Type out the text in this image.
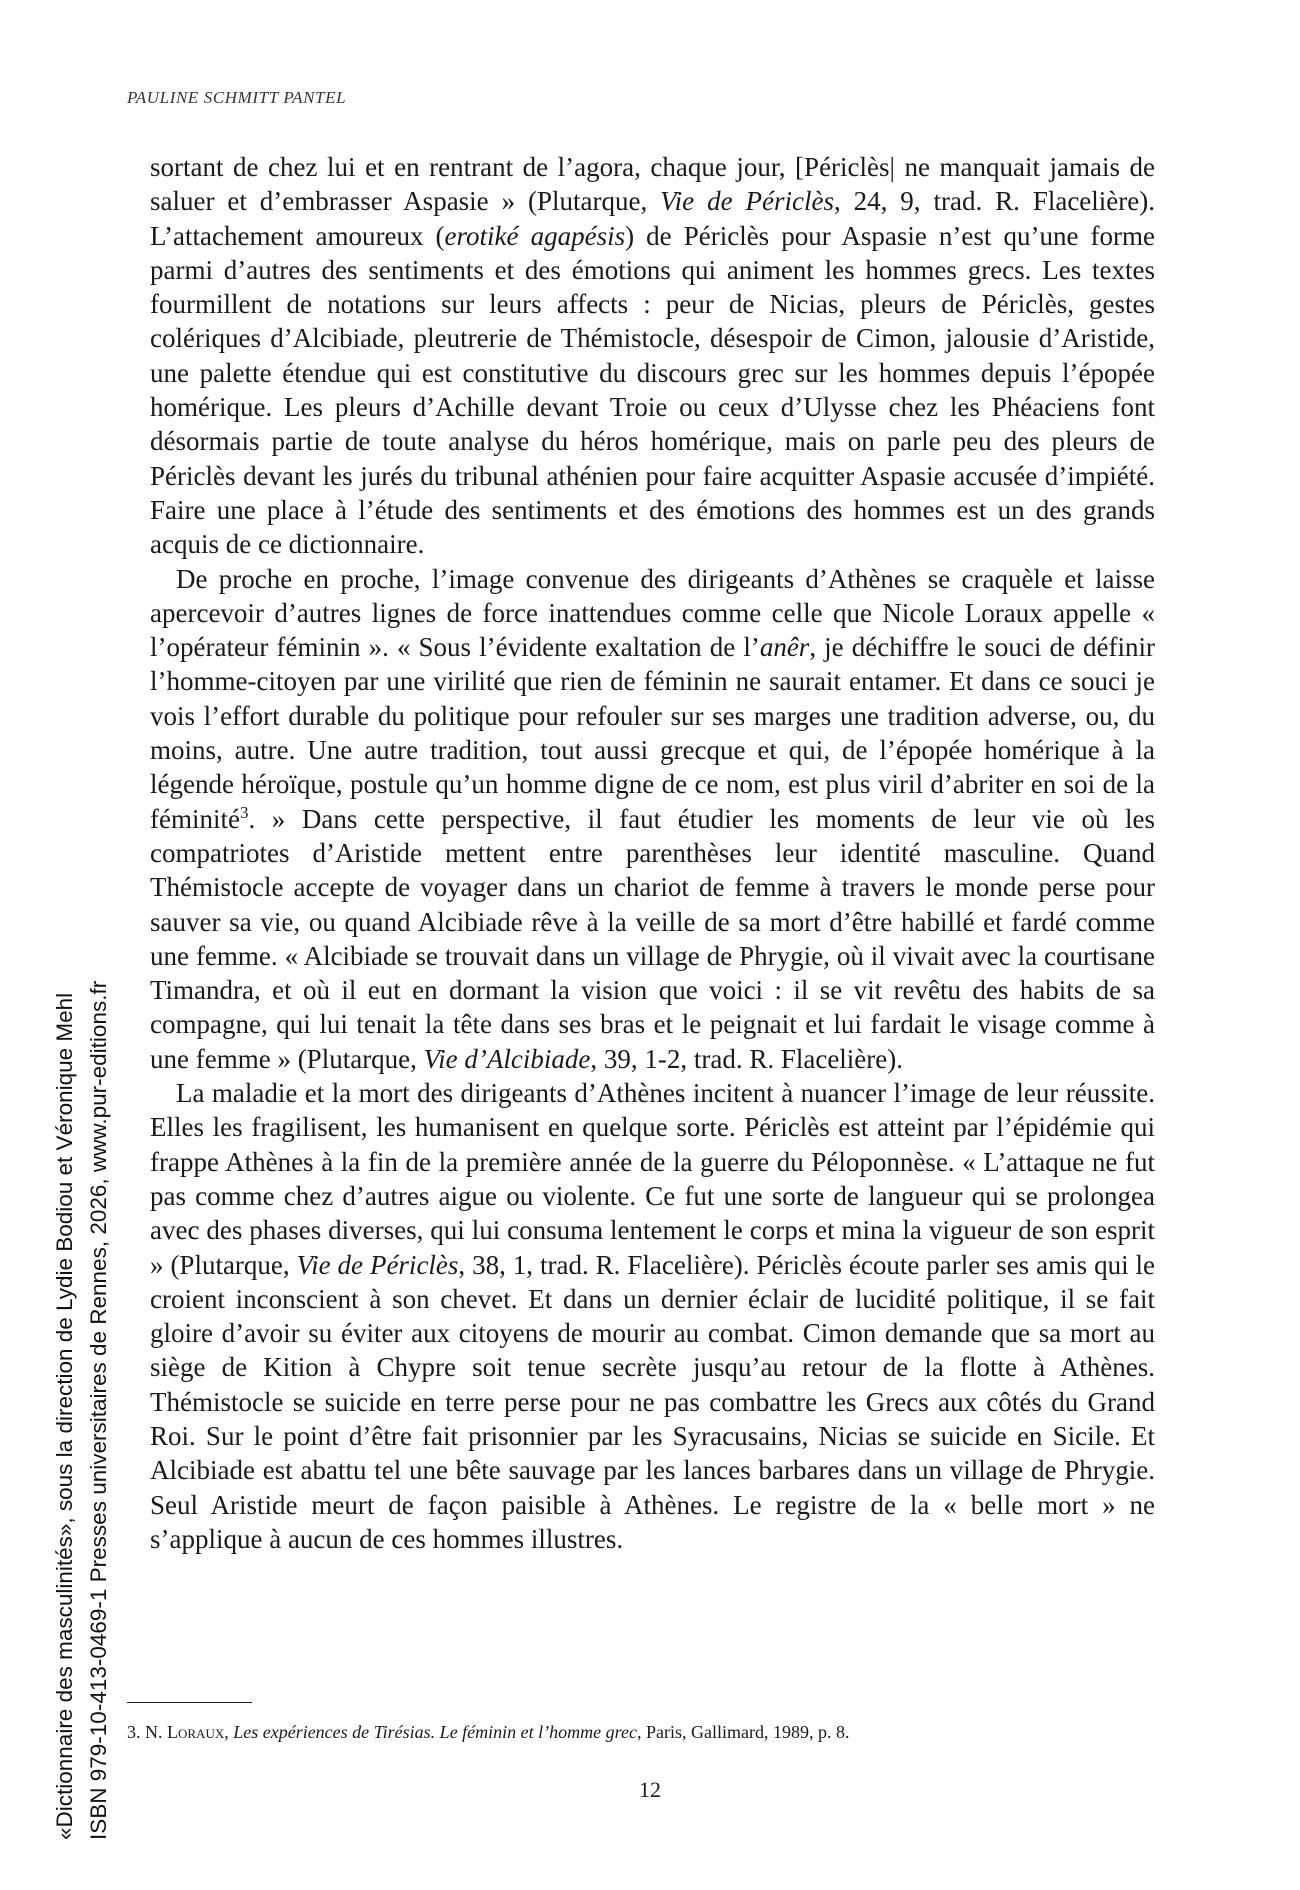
PAULINE SCHMITT PANTEL

sortant de chez lui et en rentrant de l’agora, chaque jour, [Périclès| ne manquait jamais de saluer et d’embrasser Aspasie » (Plutarque, Vie de Périclès, 24, 9, trad. R. Flacelière). L’attachement amoureux (erotiké agapésis) de Périclès pour Aspasie n’est qu’une forme parmi d’autres des sentiments et des émotions qui animent les hommes grecs. Les textes fourmillent de notations sur leurs affects : peur de Nicias, pleurs de Périclès, gestes colériques d’Alcibiade, pleutrerie de Thémistocle, désespoir de Cimon, jalousie d’Aristide, une palette étendue qui est constitutive du discours grec sur les hommes depuis l’épopée homérique. Les pleurs d’Achille devant Troie ou ceux d’Ulysse chez les Phéaciens font désormais partie de toute analyse du héros homérique, mais on parle peu des pleurs de Périclès devant les jurés du tribunal athénien pour faire acquitter Aspasie accusée d’impiété. Faire une place à l’étude des sentiments et des émotions des hommes est un des grands acquis de ce dictionnaire.

De proche en proche, l’image convenue des dirigeants d’Athènes se craquèle et laisse apercevoir d’autres lignes de force inattendues comme celle que Nicole Loraux appelle « l’opérateur féminin ». « Sous l’évidente exaltation de l’anêr, je déchiffre le souci de définir l’homme-citoyen par une virilité que rien de féminin ne saurait entamer. Et dans ce souci je vois l’effort durable du politique pour refouler sur ses marges une tradition adverse, ou, du moins, autre. Une autre tradition, tout aussi grecque et qui, de l’épopée homérique à la légende héroïque, postule qu’un homme digne de ce nom, est plus viril d’abriter en soi de la féminité$^3$. » Dans cette perspective, il faut étudier les moments de leur vie où les compatriotes d’Aristide mettent entre parenthèses leur identité masculine. Quand Thémistocle accepte de voyager dans un chariot de femme à travers le monde perse pour sauver sa vie, ou quand Alcibiade rêve à la veille de sa mort d’être habillé et fardé comme une femme. « Alcibiade se trouvait dans un village de Phrygie, où il vivait avec la courtisane Timandra, et où il eut en dormant la vision que voici : il se vit revêtu des habits de sa compagne, qui lui tenait la tête dans ses bras et le peignait et lui fardait le visage comme à une femme » (Plutarque, Vie d’Alcibiade, 39, 1-2, trad. R. Flacelière).

La maladie et la mort des dirigeants d’Athènes incitent à nuancer l’image de leur réussite. Elles les fragilisent, les humanisent en quelque sorte. Périclès est atteint par l’épidémie qui frappe Athènes à la fin de la première année de la guerre du Péloponnèse. « L’attaque ne fut pas comme chez d’autres aigue ou violente. Ce fut une sorte de langueur qui se prolongea avec des phases diverses, qui lui consuma lentement le corps et mina la vigueur de son esprit » (Plutarque, Vie de Périclès, 38, 1, trad. R. Flacelière). Périclès écoute parler ses amis qui le croient inconscient à son chevet. Et dans un dernier éclair de lucidité politique, il se fait gloire d’avoir su éviter aux citoyens de mourir au combat. Cimon demande que sa mort au siège de Kition à Chypre soit tenue secrète jusqu’au retour de la flotte à Athènes. Thémistocle se suicide en terre perse pour ne pas combattre les Grecs aux côtés du Grand Roi. Sur le point d’être fait prisonnier par les Syracusains, Nicias se suicide en Sicile. Et Alcibiade est abattu tel une bête sauvage par les lances barbares dans un village de Phrygie. Seul Aristide meurt de façon paisible à Athènes. Le registre de la « belle mort » ne s’applique à aucun de ces hommes illustres.

3. N. Loraux, Les expériences de Tirésias. Le féminin et l’homme grec, Paris, Gallimard, 1989, p. 8.
12
«Dictionnaire des masculinités», sous la direction de Lydie Bodiou et Véronique Mehl ISBN 979-10-413-0469-1 Presses universitaires de Rennes, 2026, www.pur-editions.fr
